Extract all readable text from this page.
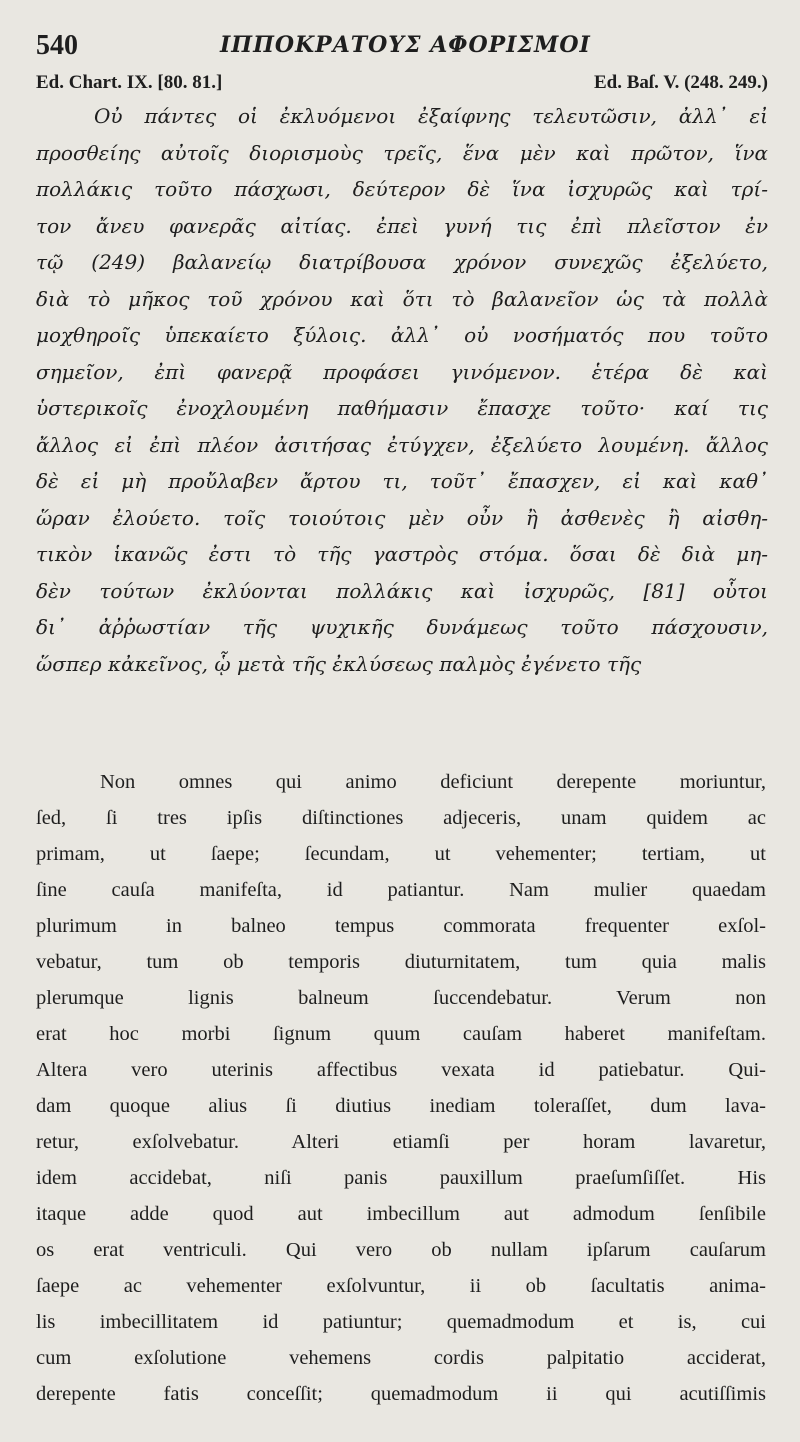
540	ΙΠΠΟΚΡΑΤΟΥΣ ΑΦΟΡΙΣΜΟΙ
Ed. Chart. IX. [80. 81.]	Ed. Baſ. V. (248. 249.)
Οὐ πάντες οἱ ἐκλυόμενοι ἐξαίφνης τελευτῶσιν, ἀλλ᾿ εἰ
προσθείης αὐτοῖς διορισμοὺς τρεῖς, ἕνα μὲν καὶ πρῶτον, ἵνα
πολλάκις τοῦτο πάσχωσι, δεύτερον δὲ ἵνα ἰσχυρῶς καὶ τρί-
τον ἄνευ φανερᾶς αἰτίας. ἐπεὶ γυνή τις ἐπὶ πλεῖστον ἐν
τῷ (249) βαλανείῳ διατρίβουσα χρόνον συνεχῶς ἐξελύετο,
διὰ τὸ μῆκος τοῦ χρόνου καὶ ὅτι τὸ βαλανεῖον ὡς τὰ πολλὰ
μοχθηροῖς ὑπεκαίετο ξύλοις. ἀλλ᾿ οὐ νοσήματός που τοῦτο
σημεῖον, ἐπὶ φανερᾷ προφάσει γινόμενον. ἑτέρα δὲ καὶ
ὑστερικοῖς ἐνοχλουμένη παθήμασιν ἔπασχε τοῦτο· καί τις
ἄλλος εἰ ἐπὶ πλέον ἀσιτήσας ἐτύγχεν, ἐξελύετο λουμένη. ἄλλος
δὲ εἰ μὴ προὔλαβεν ἄρτου τι, τοῦτ᾿ ἔπασχεν, εἰ καὶ καθ᾿
ὥραν ἐλούετο. τοῖς τοιούτοις μὲν οὖν ἢ ἀσθενὲς ἢ αἰσθη-
τικὸν ἱκανῶς ἐστι τὸ τῆς γαστρὸς στόμα. ὅσαι δὲ διὰ μη-
δὲν τούτων ἐκλύονται πολλάκις καὶ ἰσχυρῶς, [81] οὗτοι
δι᾿ ἀῤῥωστίαν τῆς ψυχικῆς δυνάμεως τοῦτο πάσχουσιν,
ὥσπερ κἀκεῖνος, ᾧ μετὰ τῆς ἐκλύσεως παλμὸς ἐγένετο τῆς
Non omnes qui animo deficiunt derepente moriuntur,
ſed, ſi tres ipſis diſtinctiones adjeceris, unam quidem ac
primam, ut ſaepe; ſecundam, ut vehementer; tertiam, ut
ſine cauſa manifeſta, id patiantur. Nam mulier quaedam
plurimum in balneo tempus commorata frequenter exſol-
vebatur, tum ob temporis diuturnitatem, tum quia malis
plerumque lignis balneum ſuccendebatur. Verum non
erat hoc morbi ſignum quum cauſam haberet manifeſtam.
Altera vero uterinis affectibus vexata id patiebatur. Qui-
dam quoque alius ſi diutius inediam toleraſſet, dum lava-
retur, exſolvebatur. Alteri etiamſi per horam lavaretur,
idem accidebat, niſi panis pauxillum praeſumſiſſet. His
itaque adde quod aut imbecillum aut admodum ſenſibile
os erat ventriculi. Qui vero ob nullam ipſarum cauſarum
ſaepe ac vehementer exſolvuntur, ii ob ſacultatis anima-
lis imbecillitatem id patiuntur; quemadmodum et is, cui
cum exſolutione vehemens cordis palpitatio acciderat,
derepente fatis conceſſit; quemadmodum ii qui acutiſſimis
